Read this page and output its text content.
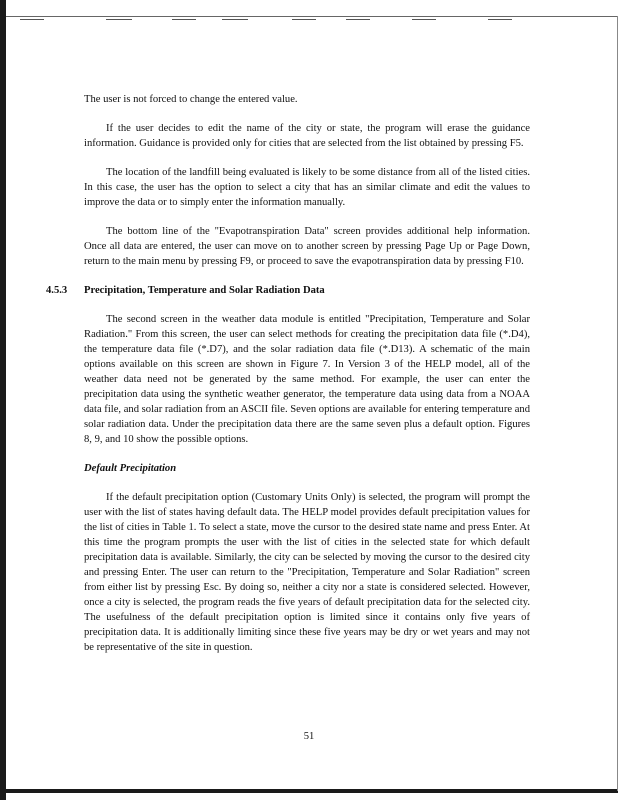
The user is not forced to change the entered value.

If the user decides to edit the name of the city or state, the program will erase the guidance information. Guidance is provided only for cities that are selected from the list obtained by pressing F5.

The location of the landfill being evaluated is likely to be some distance from all of the listed cities. In this case, the user has the option to select a city that has an similar climate and edit the values to improve the data or to simply enter the information manually.

The bottom line of the "Evapotranspiration Data" screen provides additional help information. Once all data are entered, the user can move on to another screen by pressing Page Up or Page Down, return to the main menu by pressing F9, or proceed to save the evapotranspiration data by pressing F10.

4.5.3 Precipitation, Temperature and Solar Radiation Data

The second screen in the weather data module is entitled "Precipitation, Temperature and Solar Radiation." From this screen, the user can select methods for creating the precipitation data file (*.D4), the temperature data file (*.D7), and the solar radiation data file (*.D13). A schematic of the main options available on this screen are shown in Figure 7. In Version 3 of the HELP model, all of the weather data need not be generated by the same method. For example, the user can enter the precipitation data using the synthetic weather generator, the temperature data using data from a NOAA data file, and solar radiation from an ASCII file. Seven options are available for entering temperature and solar radiation data. Under the precipitation data there are the same seven plus a default option. Figures 8, 9, and 10 show the possible options.

Default Precipitation

If the default precipitation option (Customary Units Only) is selected, the program will prompt the user with the list of states having default data. The HELP model provides default precipitation values for the list of cities in Table 1. To select a state, move the cursor to the desired state name and press Enter. At this time the program prompts the user with the list of cities in the selected state for which default precipitation data is available. Similarly, the city can be selected by moving the cursor to the desired city and pressing Enter. The user can return to the "Precipitation, Temperature and Solar Radiation" screen from either list by pressing Esc. By doing so, neither a city nor a state is considered selected. However, once a city is selected, the program reads the five years of default precipitation data for the selected city. The usefulness of the default precipitation option is limited since it contains only five years of precipitation data. It is additionally limiting since these five years may be dry or wet years and may not be representative of the site in question.

51
